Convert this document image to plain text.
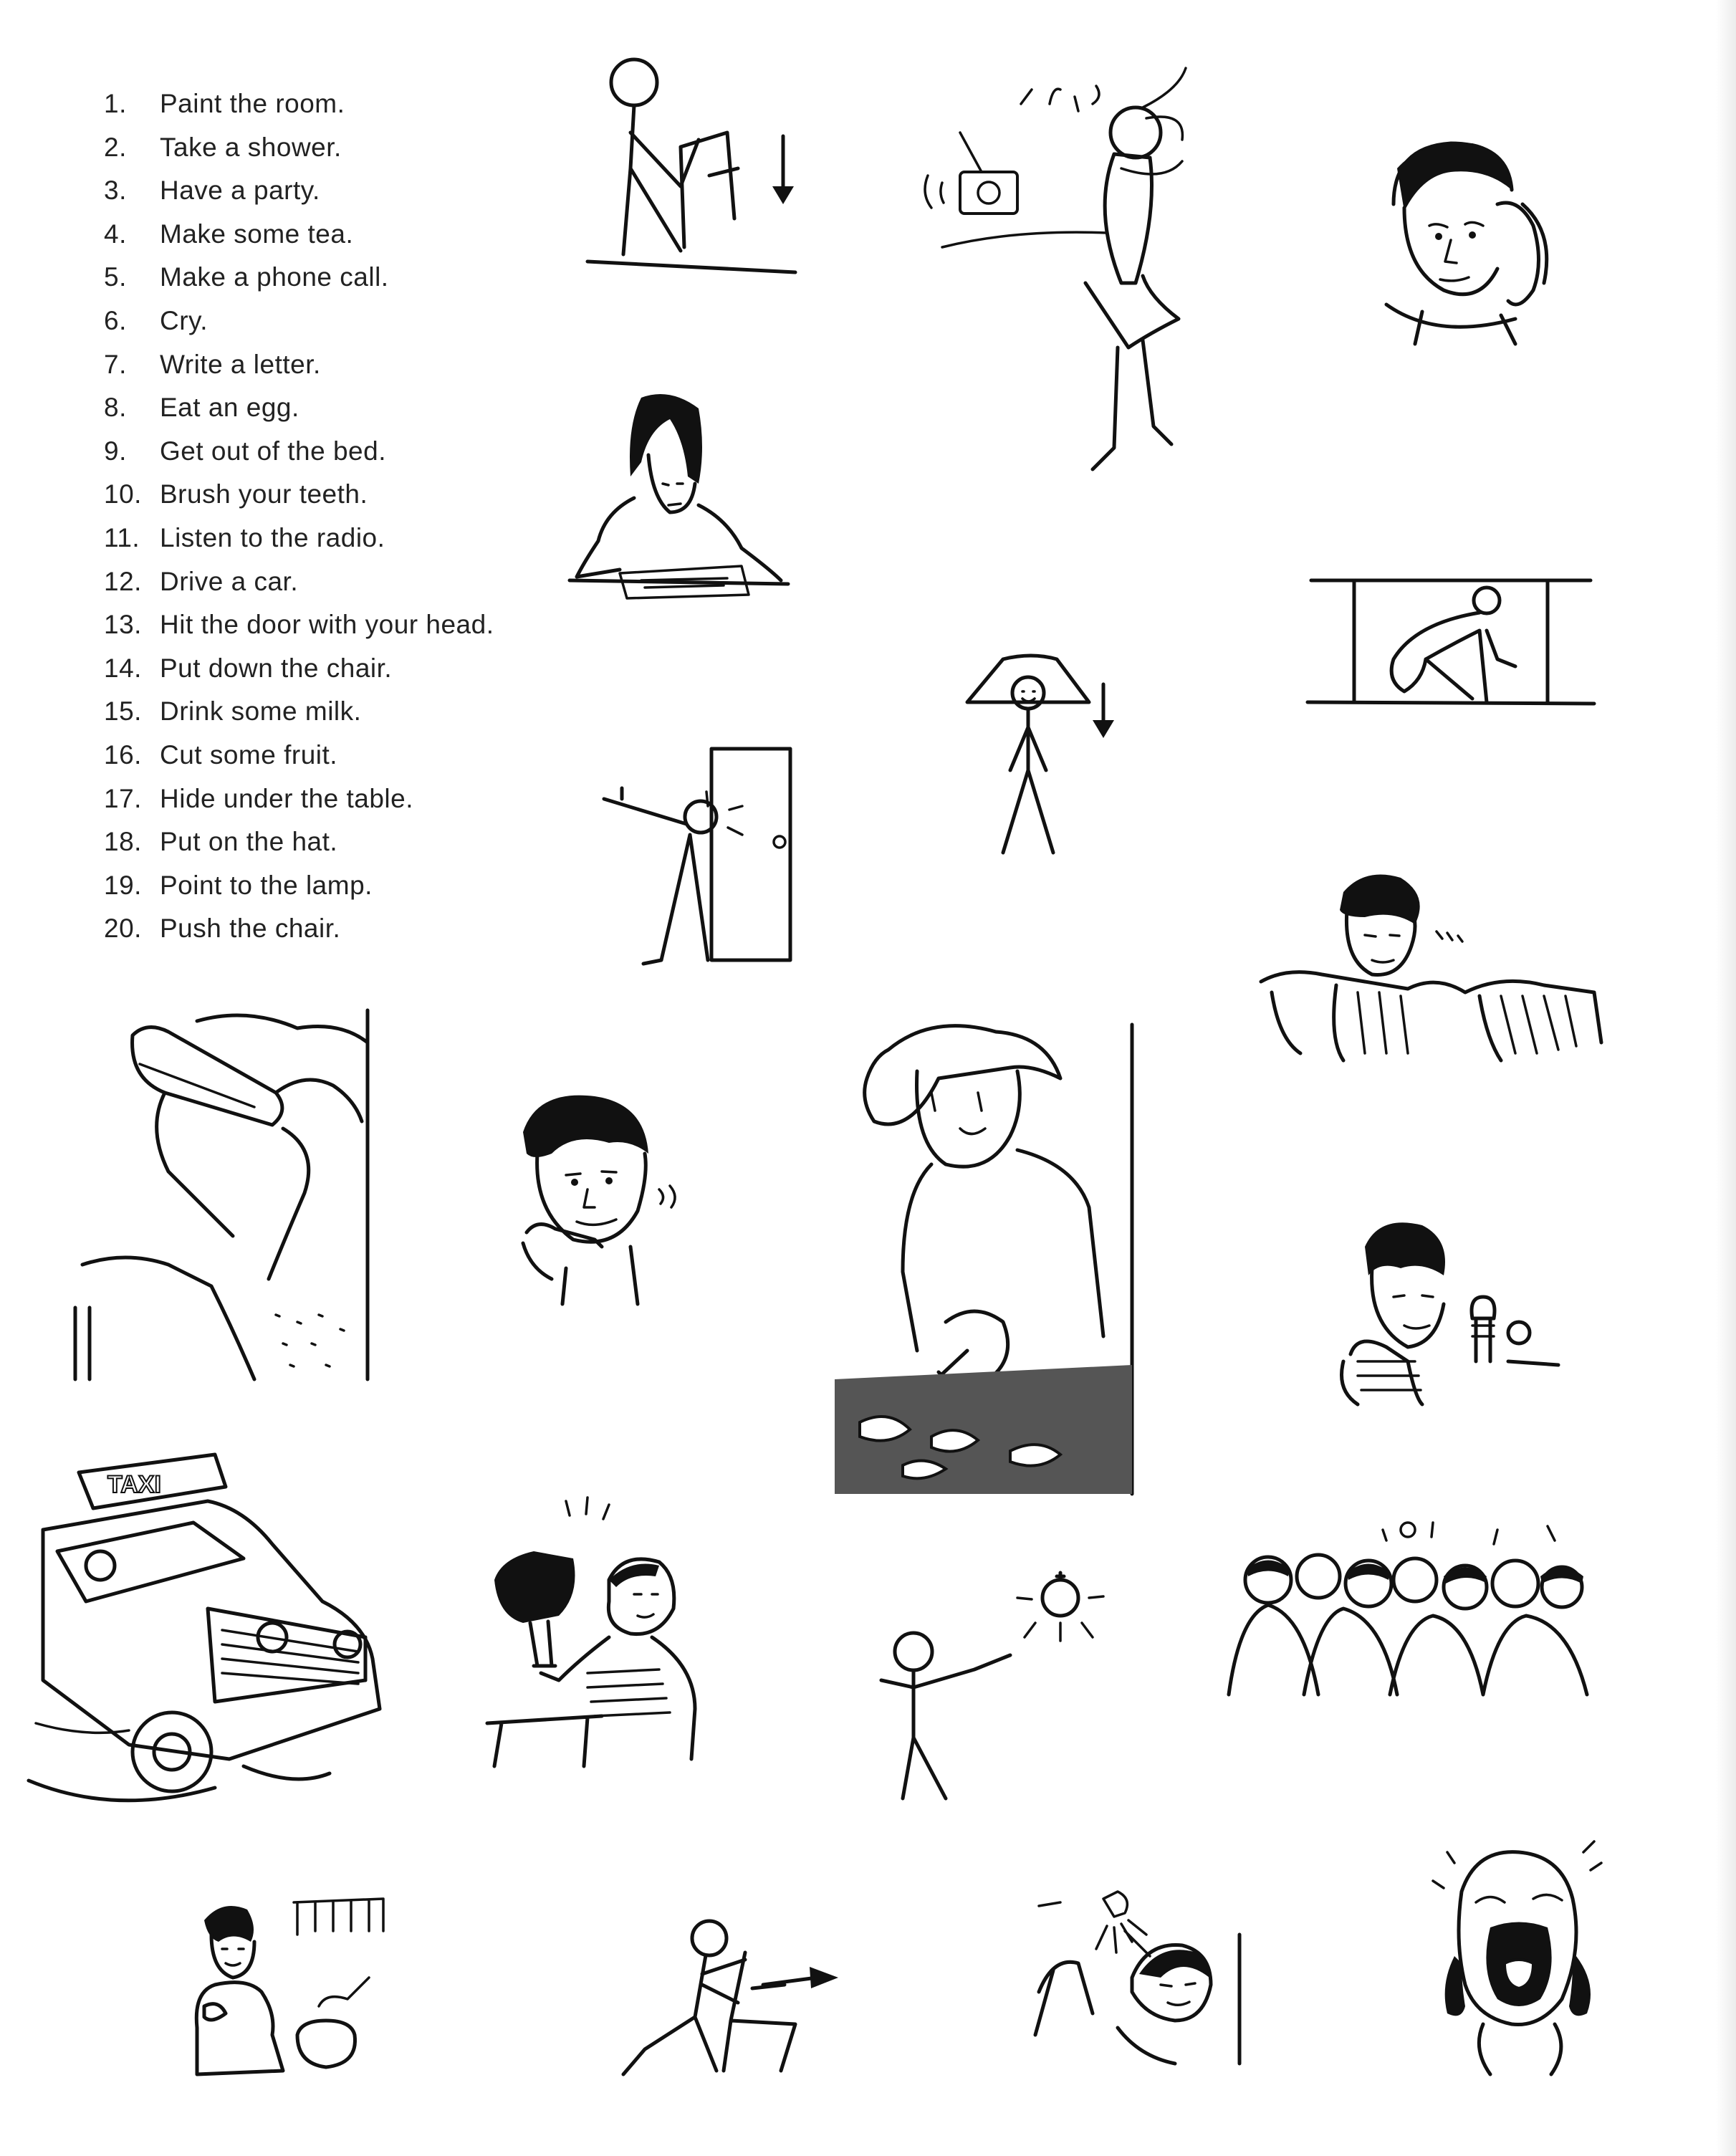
1.	Paint the room.
2.	Take a shower.
3.	Have a party.
4.	Make some tea.
5.	Make a phone call.
6.	Cry.
7.	Write a letter.
8.	Eat an egg.
9.	Get out of the bed.
10. Brush your teeth.
11. Listen to the radio.
12. Drive a car.
13. Hit the door with your head.
14. Put down the chair.
15. Drink some milk.
16. Cut some fruit.
17. Hide under the table.
18. Put on the hat.
19. Point to the lamp.
20. Push the chair.
TAXI
